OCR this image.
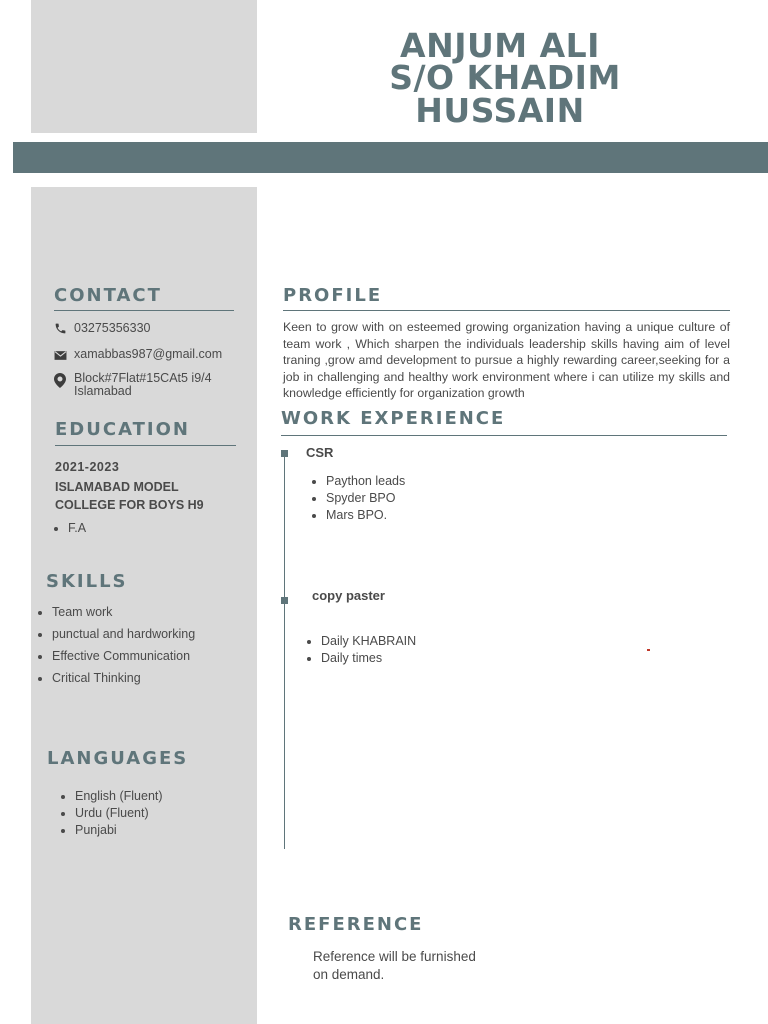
ANJUM ALI
S/O KHADIM
HUSSAIN
CONTACT
03275356330
xamabbas987@gmail.com
Block#7Flat#15CAt5 i9/4
Islamabad
EDUCATION
2021-2023
ISLAMABAD MODEL
COLLEGE FOR BOYS H9
• F.A
SKILLS
• Team work
• punctual and hardworking
• Effective Communication
• Critical Thinking
LANGUAGES
• English (Fluent)
• Urdu (Fluent)
• Punjabi
PROFILE
Keen to grow with on esteemed growing organization having a unique culture of team work , Which sharpen the individuals leadership skills having aim of level traning ,grow amd development to pursue a highly rewarding career,seeking for a job in challenging and healthy work environment where i can utilize my skills and knowledge efficiently for organization growth
WORK EXPERIENCE
CSR
• Paython leads
• Spyder BPO
• Mars BPO.
copy paster
• Daily KHABRAIN
• Daily times
REFERENCE
Reference will be furnished
on demand.
